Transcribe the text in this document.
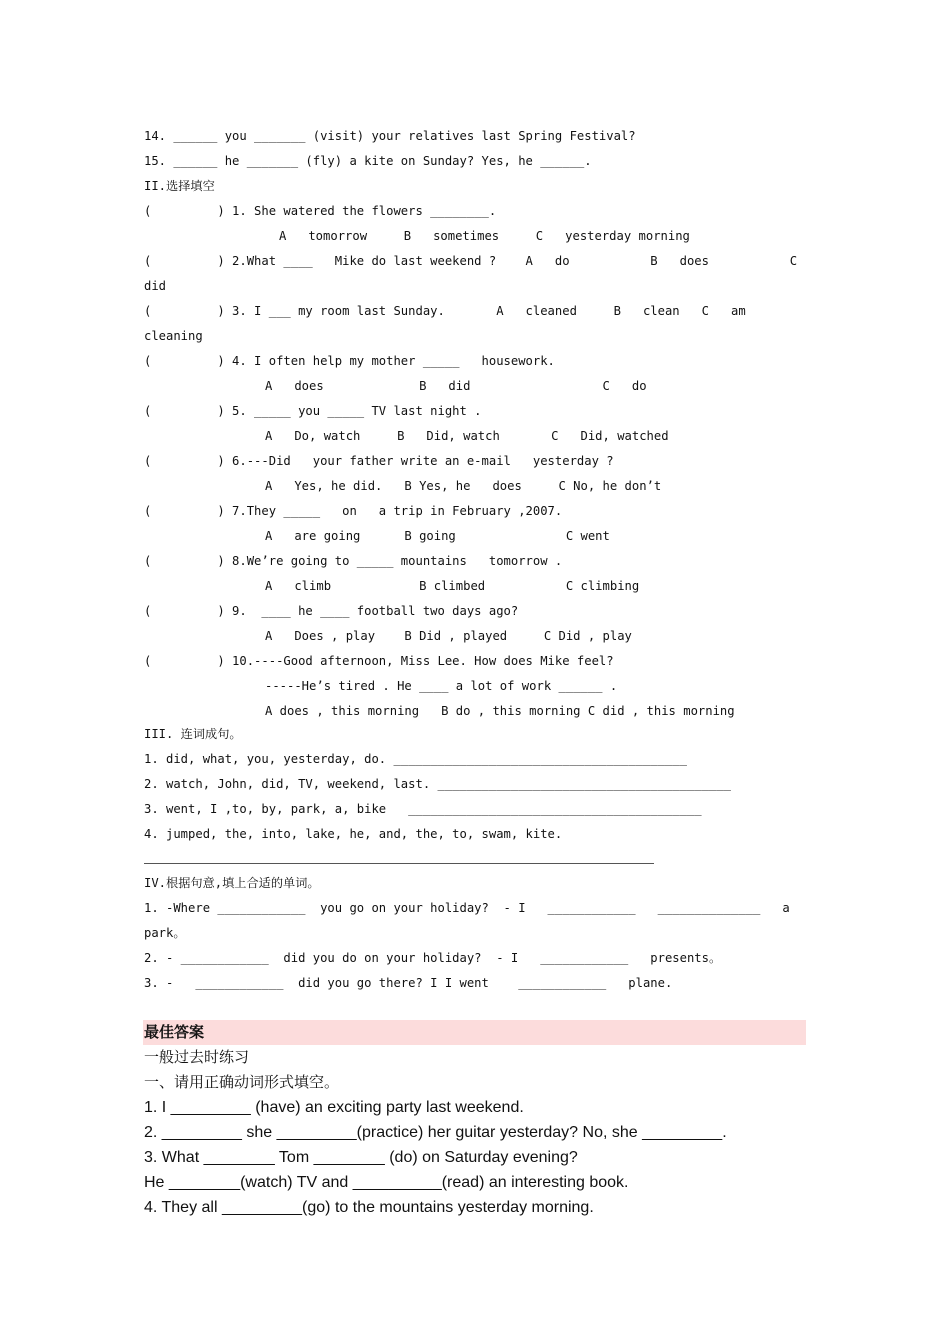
14. ______ you _______ (visit) your relatives last Spring Festival?

15. ______ he _______ (fly) a kite on Sunday? Yes, he ______.

II.选择填空

(         ) 1. She watered the flowers ________.

A   tomorrow     B   sometimes     C   yesterday morning

(         ) 2.What ____   Mike do last weekend ?    A   do           B   does           C

did

(         ) 3. I ___ my room last Sunday.       A   cleaned     B   clean   C   am

cleaning

(         ) 4. I often help my mother _____   housework.

A   does             B   did                  C   do

(         ) 5. _____ you _____ TV last night .

A   Do, watch     B   Did, watch       C   Did, watched

(         ) 6.---Did   your father write an e-mail   yesterday ?

A   Yes, he did.   B Yes, he   does     C No, he don’t

(         ) 7.They _____   on   a trip in February ,2007.

A   are going      B going               C went

(         ) 8.We’re going to _____ mountains   tomorrow .

A   climb            B climbed           C climbing

(         ) 9.  ____ he ____ football two days ago?

A   Does , play    B Did , played     C Did , play

(         ) 10.----Good afternoon, Miss Lee. How does Mike feel?

-----He’s tired . He ____ a lot of work ______ .

A does , this morning   B do , this morning C did , this morning

III. 连词成句。

1. did, what, you, yesterday, do. ________________________________________

2. watch, John, did, TV, weekend, last. ________________________________________

3. went, I ,to, by, park, a, bike   ________________________________________

4. jumped, the, into, lake, he, and, the, to, swam, kite.

IV.根据句意,填上合适的单词。

1. -Where ____________  you go on your holiday?  - I   ____________   ______________   a

park。

2. - ____________  did you do on your holiday?  - I   ____________   presents。

3. -   ____________  did you go there? I I went    ____________   plane.

最佳答案

一般过去时练习

一、请用正确动词形式填空。

1. I _________ (have) an exciting party last weekend.

2. _________ she _________(practice) her guitar yesterday? No, she _________.

3. What ________ Tom ________ (do) on Saturday evening?

He ________(watch) TV and __________(read) an interesting book.

4. They all _________(go) to the mountains yesterday morning.
